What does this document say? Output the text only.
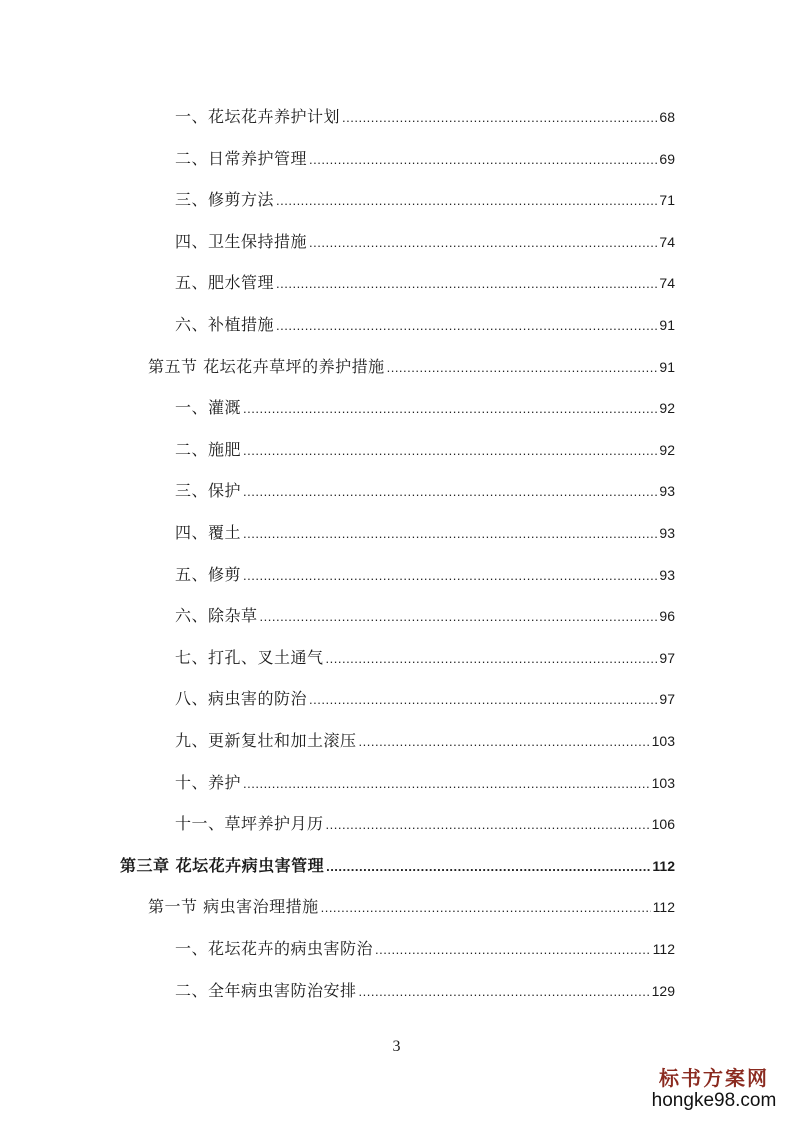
一、花坛花卉养护计划 .....	68
二、日常养护管理 .....	69
三、修剪方法 .....	71
四、卫生保持措施 .....	74
五、肥水管理 .....	74
六、补植措施 .....	91
第五节 花坛花卉草坪的养护措施 .....	91
一、灌溉 .....	92
二、施肥 .....	92
三、保护 .....	93
四、覆土 .....	93
五、修剪 .....	93
六、除杂草 .....	96
七、打孔、叉土通气 .....	97
八、病虫害的防治 .....	97
九、更新复壮和加土滚压 .....	103
十、养护 .....	103
十一、草坪养护月历 .....	106
第三章 花坛花卉病虫害管理 .....	112
第一节 病虫害治理措施 .....	112
一、花坛花卉的病虫害防治 .....	112
二、全年病虫害防治安排 .....	129
3
标书方案网
hongke98.com
